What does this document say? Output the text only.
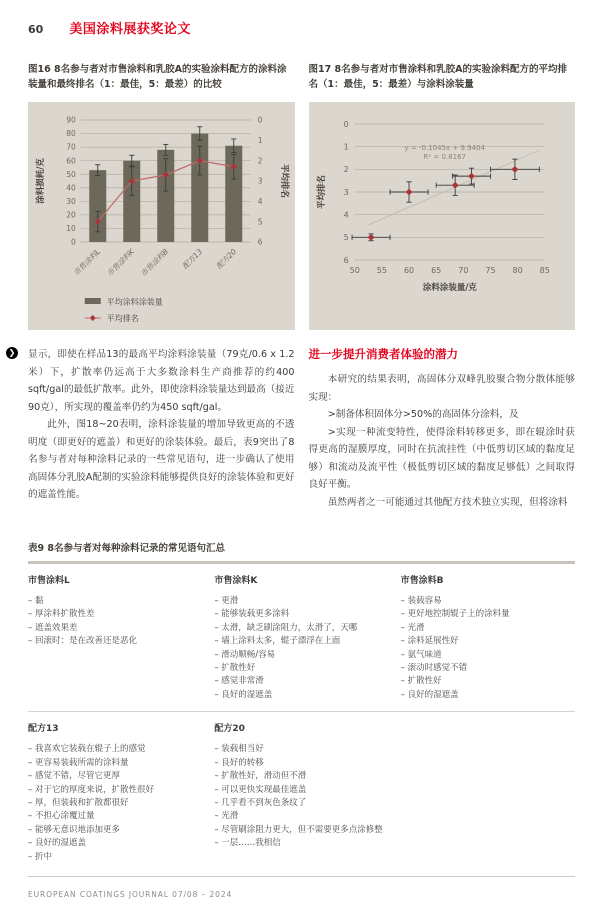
60 美国涂料展获奖论文

图16 8名参与者对市售涂料和乳胶A的实验涂料配方的涂料涂装量和最终排名（1：最佳，5：最差）的比较

图17 8名参与者对市售涂料和乳胶A的实验涂料配方的平均排名（1：最佳，5：最差）与涂料涂装量

0
10
20
30
40
50
60
70
80
90	0
1
2
3
4
5
6
市售涂料L 市售涂料K 市售涂料B 配方13 配方20
涂料损耗/克	平均排名
平均涂料涂装量
平均排名
0
1
2
3
4
5
6
50 55 60 65 70 75 80 85
y = -0.1045x + 9.9404
R² = 0.8167
平均排名
涂料涂装量/克
❯ 显示，即使在样品13的最高平均涂料涂装量（79克/0.6 x 1.2米）下，扩散率仍远高于大多数涂料生产商推荐的约400 sqft/gal的最低扩散率。此外，即使涂料涂装量达到最高（接近90克），所实现的覆盖率仍约为450 sqft/gal。

此外，图18~20表明，涂料涂装量的增加导致更高的不透明度（即更好的遮盖）和更好的涂装体验。最后，表9突出了8名参与者对每种涂料记录的一些常见语句，进一步确认了使用高固体分乳胶A配制的实验涂料能够提供良好的涂装体验和更好的遮盖性能。

进一步提升消费者体验的潜力

本研究的结果表明，高固体分双峰乳胶聚合物分散体能够实现：

>制备体积固体分>50%的高固体分涂料，及

>实现一种流变特性，使得涂料转移更多，即在辊涂时获得更高的湿膜厚度，同时在抗流挂性（中低剪切区域的黏度足够）和流动及流平性（极低剪切区域的黏度足够低）之间取得良好平衡。

虽然两者之一可能通过其他配方技术独立实现，但将涂料

表9 8名参与者对每种涂料记录的常见语句汇总
市售涂料L
– 黏
– 厚涂料扩散性差
– 遮盖效果差
– 回滚时：是在改善还是恶化
市售涂料K
– 更滑
– 能够装载更多涂料
– 太滑，缺乏刷涂阻力，太滑了，天哪
– 墙上涂料太多，辊子漂浮在上面
– 滑动顺畅/容易
– 扩散性好
– 感觉非常滑
– 良好的湿遮盖
市售涂料B
– 装载容易
– 更好地控制辊子上的涂料量
– 光滑
– 涂料延展性好
– 氨气味道
– 滚动时感觉不错
– 扩散性好
– 良好的湿遮盖
配方13
– 我喜欢它装载在辊子上的感觉
– 更容易装载所需的涂料量
– 感觉不错，尽管它更厚
– 对于它的厚度来说，扩散性很好
– 厚，但装载和扩散都很好
– 不担心涂覆过量
– 能够无意识地添加更多
– 良好的湿遮盖
– 折中
配方20
– 装载相当好
– 良好的转移
– 扩散性好，滑动但不滑
– 可以更快实现最佳遮盖
– 几乎看不到灰色条纹了
– 光滑
– 尽管刷涂阻力更大，但不需要更多点涂修整
– 一层……我相信
EUROPEAN COATINGS JOURNAL 07/08 – 2024
